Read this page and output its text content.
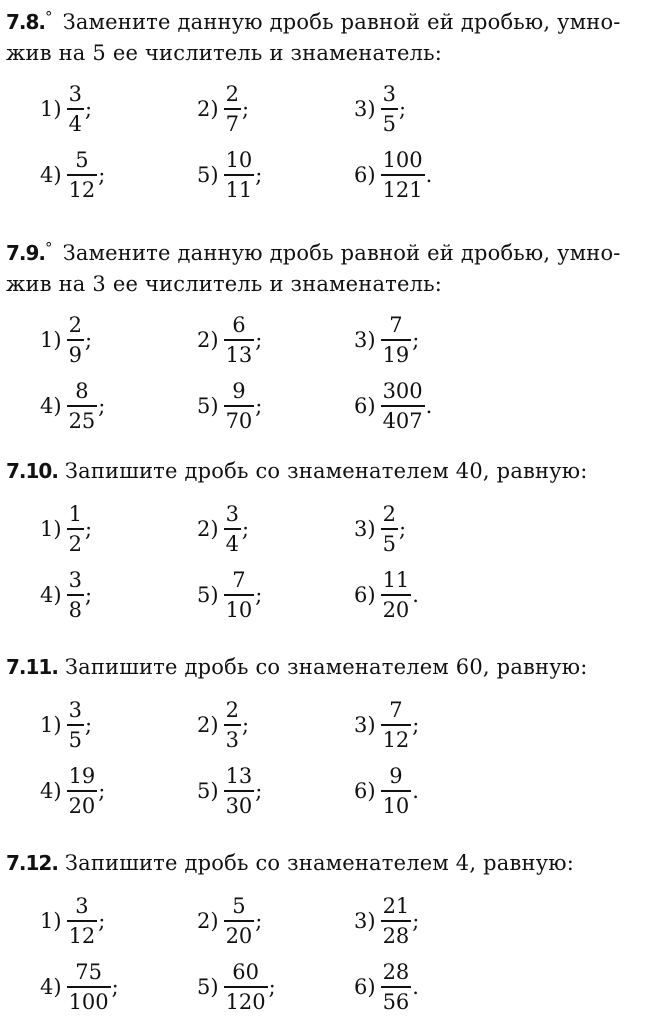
7.8.° Замените данную дробь равной ей дробью, умно-
жив на 5 ее числитель и знаменатель:

$1) \frac{3}{4}$ ;	$2) \frac{2}{7}$ ;	$3) \frac{3}{5}$ ;
$4) \frac{5}{12}$ ;	$5) \frac{10}{11}$ ;	$6) \frac{100}{121}$ .

7.9.° Замените данную дробь равной ей дробью, умно-
жив на 3 ее числитель и знаменатель:

$1) \frac{2}{9}$ ;	$2) \frac{6}{13}$ ;	$3) \frac{7}{19}$ ;
$4) \frac{8}{25}$ ;	$5) \frac{9}{70}$ ;	$6) \frac{300}{407}$ .

7.10. Запишите дробь со знаменателем 40, равную:

$1) \frac{1}{2}$ ;	$2) \frac{3}{4}$ ;	$3) \frac{2}{5}$ ;
$4) \frac{3}{8}$ ;	$5) \frac{7}{10}$ ;	$6) \frac{11}{20}$ .

7.11. Запишите дробь со знаменателем 60, равную:

$1) \frac{3}{5}$ ;	$2) \frac{2}{3}$ ;	$3) \frac{7}{12}$ ;
$4) \frac{19}{20}$ ;	$5) \frac{13}{30}$ ;	$6) \frac{9}{10}$ .

7.12. Запишите дробь со знаменателем 4, равную:

$1) \frac{3}{12}$ ;	$2) \frac{5}{20}$ ;	$3) \frac{21}{28}$ ;
$4) \frac{75}{100}$ ;	$5) \frac{60}{120}$ ;	$6) \frac{28}{56}$ .
